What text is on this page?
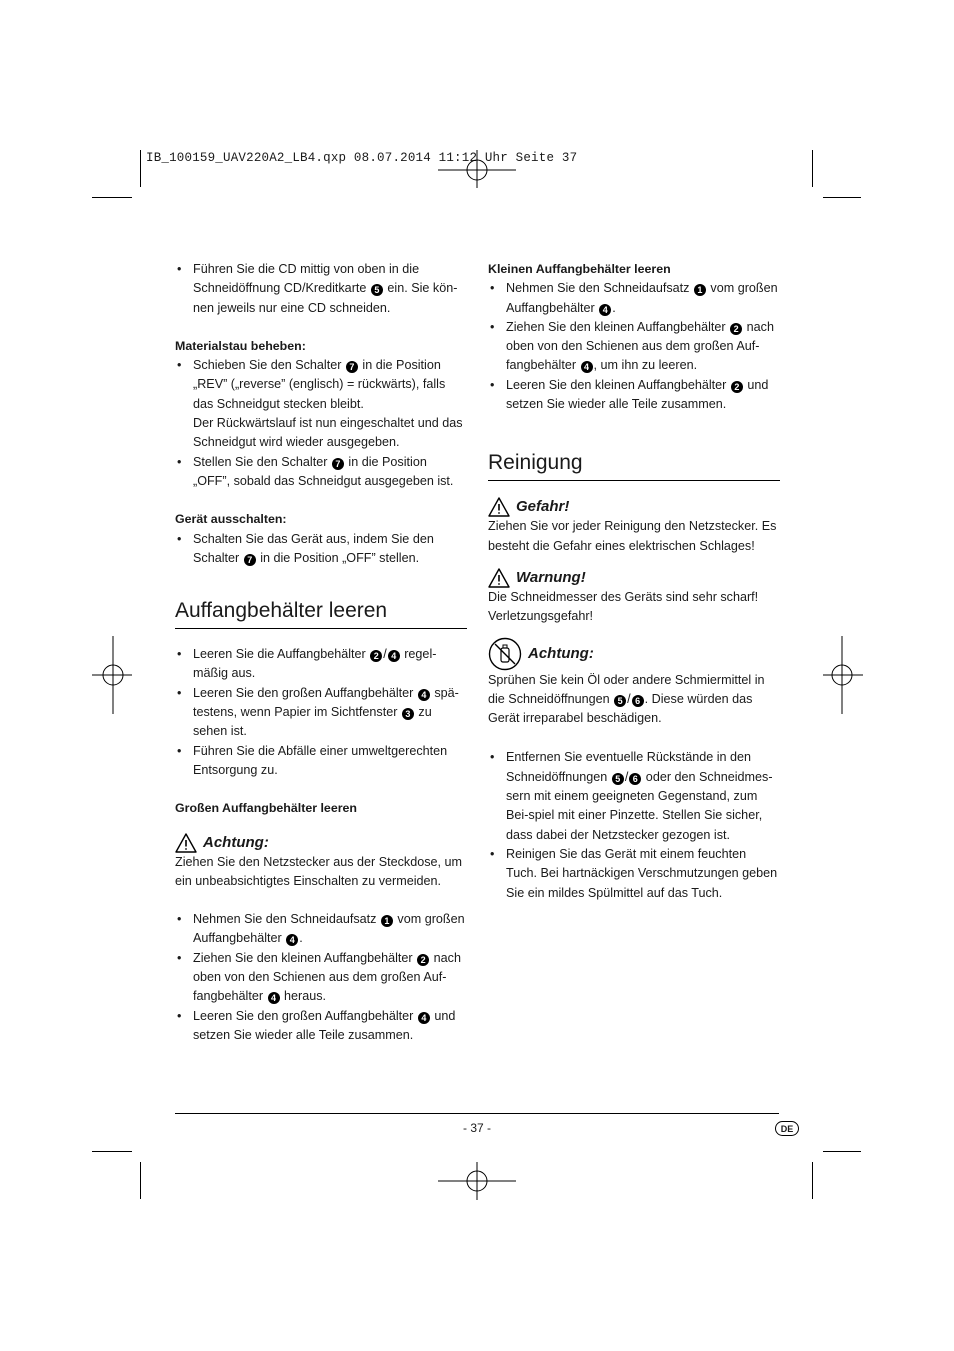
IB_100159_UAV220A2_LB4.qxp 08.07.2014 11:12 Uhr Seite 37
• Führen Sie die CD mittig von oben in die Schneidöffnung CD/Kreditkarte 5 ein. Sie kön-nen jeweils nur eine CD schneiden.

Materialstau beheben:

• Schieben Sie den Schalter 7 in die Position „REV” („reverse” (englisch) = rückwärts), falls das Schneidgut stecken bleibt.
Der Rückwärtslauf ist nun eingeschaltet und das Schneidgut wird wieder ausgegeben.
• Stellen Sie den Schalter 7 in die Position „OFF”, sobald das Schneidgut ausgegeben ist.

Gerät ausschalten:

• Schalten Sie das Gerät aus, indem Sie den Schalter 7 in die Position „OFF” stellen.
Auffangbehälter leeren
• Leeren Sie die Auffangbehälter 2 / 4 regel-mäßig aus.
• Leeren Sie den großen Auffangbehälter 4 spä-testens, wenn Papier im Sichtfenster 3 zu sehen ist.
• Führen Sie die Abfälle einer umweltgerechten Entsorgung zu.

Großen Auffangbehälter leeren

Achtung:

Ziehen Sie den Netzstecker aus der Steckdose, um ein unbeabsichtigtes Einschalten zu vermeiden.

• Nehmen Sie den Schneidaufsatz 1 vom großen Auffangbehälter 4 .
• Ziehen Sie den kleinen Auffangbehälter 2 nach oben von den Schienen aus dem großen Auf-fangbehälter 4 heraus.
• Leeren Sie den großen Auffangbehälter 4 und setzen Sie wieder alle Teile zusammen.

Kleinen Auffangbehälter leeren

• Nehmen Sie den Schneidaufsatz 1 vom großen Auffangbehälter 4 .
• Ziehen Sie den kleinen Auffangbehälter 2 nach oben von den Schienen aus dem großen Auf-fangbehälter 4 , um ihn zu leeren.
• Leeren Sie den kleinen Auffangbehälter 2 und setzen Sie wieder alle Teile zusammen.
Reinigung
Gefahr!

Ziehen Sie vor jeder Reinigung den Netzstecker. Es besteht die Gefahr eines elektrischen Schlages!

Warnung!

Die Schneidmesser des Geräts sind sehr scharf! Verletzungsgefahr!

Achtung:

Sprühen Sie kein Öl oder andere Schmiermittel in die Schneidöffnungen 5 / 6 . Diese würden das Gerät irreparabel beschädigen.

• Entfernen Sie eventuelle Rückstände in den Schneidöffnungen 5 / 6 oder den Schneidmes-sern mit einem geeigneten Gegenstand, zum Bei-spiel mit einer Pinzette. Stellen Sie sicher, dass dabei der Netzstecker gezogen ist.
• Reinigen Sie das Gerät mit einem feuchten Tuch. Bei hartnäckigen Verschmutzungen geben Sie ein mildes Spülmittel auf das Tuch.
- 37 -	DE
